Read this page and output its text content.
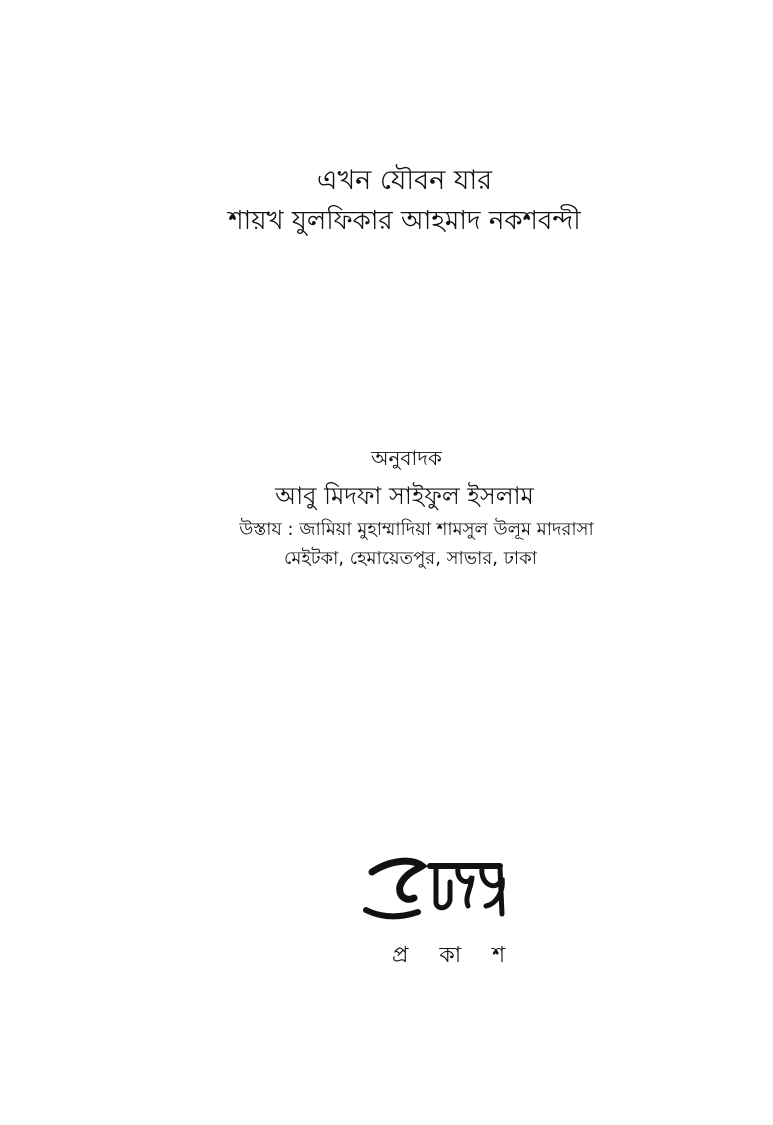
এখন যৌবন যার
শায়খ যুলফিকার আহমাদ নকশবন্দী
অনুবাদক
আবু মিদফা সাইফুল ইসলাম
উস্তায : জামিয়া মুহাম্মাদিয়া শামসুল উলূম মাদরাসা
মেইটকা, হেমায়েতপুর, সাভার, ঢাকা
প্র কা শ
